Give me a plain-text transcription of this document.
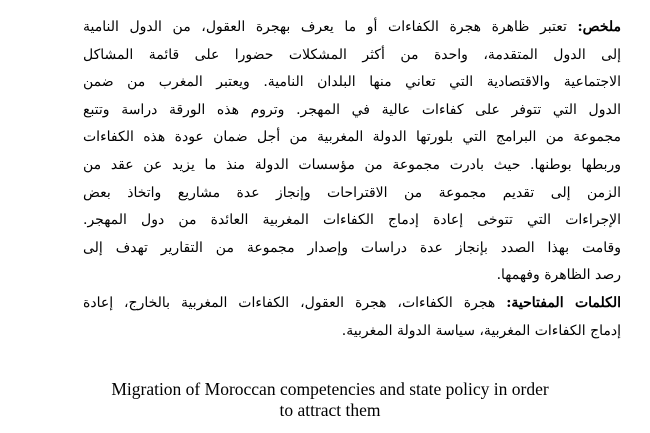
ملخص: تعتبر ظاهرة هجرة الكفاءات أو ما يعرف بهجرة العقول، من الدول النامية
إلى الدول المتقدمة، واحدة من أكثر المشكلات حضورا على قائمة المشاكل
الاجتماعية والاقتصادية التي تعاني منها البلدان النامية. ويعتبر المغرب من ضمن
الدول التي تتوفر على كفاءات عالية في المهجر. وتروم هذه الورقة دراسة وتتبع
مجموعة من البرامج التي بلورتها الدولة المغربية من أجل ضمان عودة هذه الكفاءات
وربطها بوطنها. حيث بادرت مجموعة من مؤسسات الدولة منذ ما يزيد عن عقد من
الزمن إلى تقديم مجموعة من الاقتراحات وإنجاز عدة مشاريع واتخاذ بعض
الإجراءات التي تتوخى إعادة إدماج الكفاءات المغربية العائدة من دول المهجر.
وقامت بهذا الصدد بإنجاز عدة دراسات وإصدار مجموعة من التقارير تهدف إلى
رصد الظاهرة وفهمها.
الكلمات المفتاحية: هجرة الكفاءات، هجرة العقول، الكفاءات المغربية بالخارج، إعادة
إدماج الكفاءات المغربية، سياسة الدولة المغربية.
Migration of Moroccan competencies and state policy in order
to attract them
